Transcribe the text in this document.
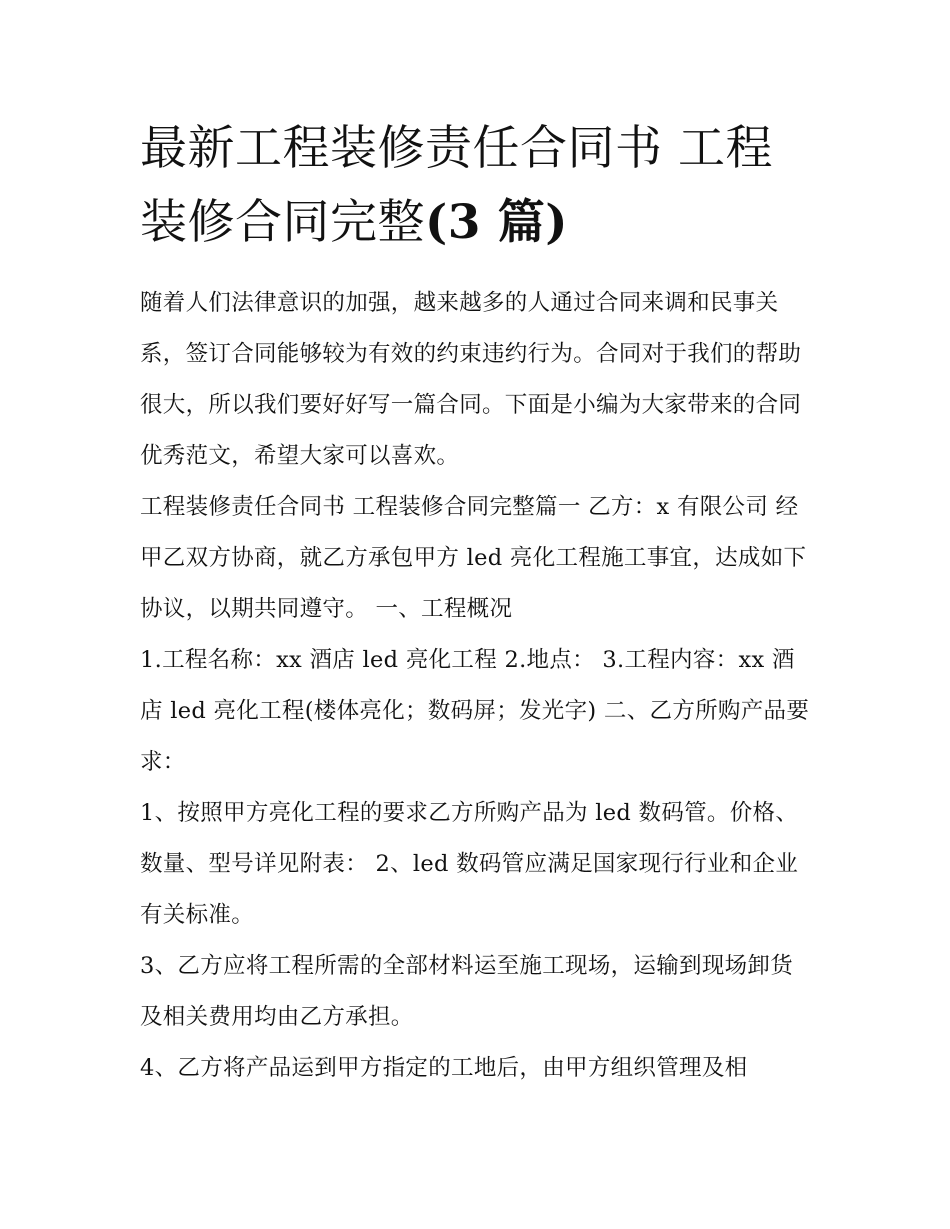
最新工程装修责任合同书 工程装修合同完整(3 篇)

随着人们法律意识的加强，越来越多的人通过合同来调和民事关系，签订合同能够较为有效的约束违约行为。合同对于我们的帮助很大，所以我们要好好写一篇合同。下面是小编为大家带来的合同优秀范文，希望大家可以喜欢。

工程装修责任合同书 工程装修合同完整篇一 乙方：x 有限公司 经甲乙双方协商，就乙方承包甲方 led 亮化工程施工事宜，达成如下协议，以期共同遵守。 一、工程概况

1.工程名称：xx 酒店 led 亮化工程 2.地点： 3.工程内容：xx 酒店 led 亮化工程(楼体亮化；数码屏；发光字) 二、乙方所购产品要求：

1、按照甲方亮化工程的要求乙方所购产品为 led 数码管。价格、数量、型号详见附表： 2、led 数码管应满足国家现行行业和企业有关标准。

3、乙方应将工程所需的全部材料运至施工现场，运输到现场卸货及相关费用均由乙方承担。

4、乙方将产品运到甲方指定的工地后，由甲方组织管理及相
